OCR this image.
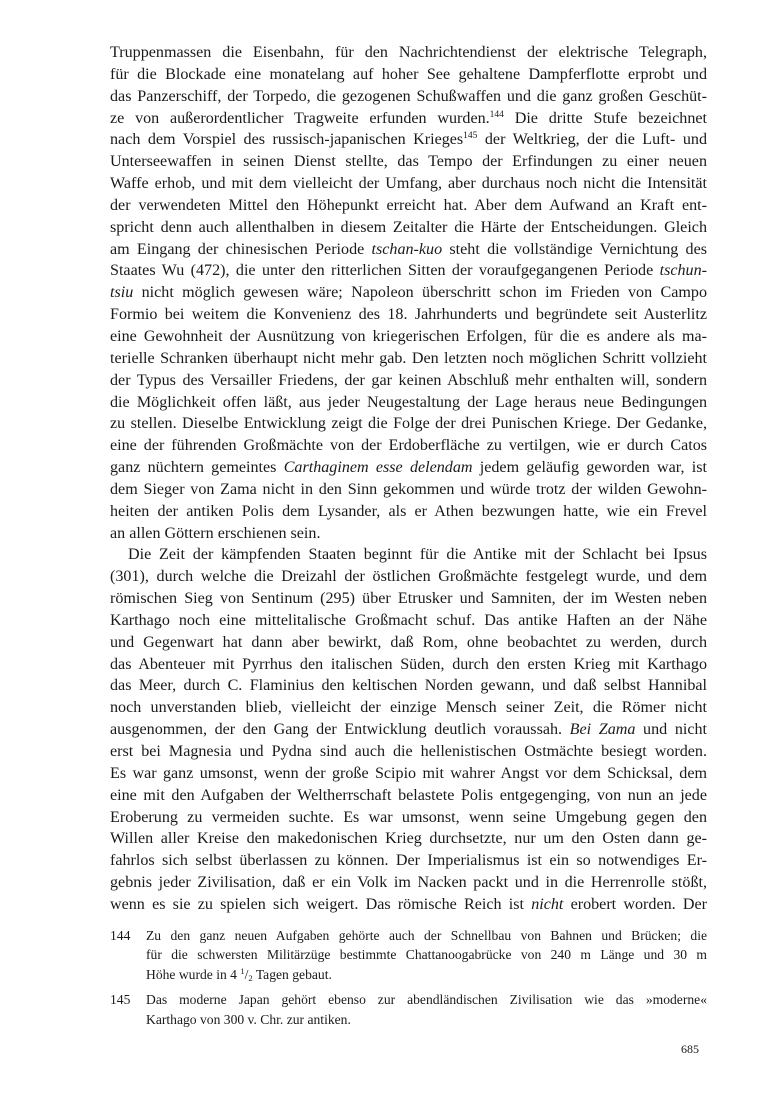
Truppenmassen die Eisenbahn, für den Nachrichtendienst der elektrische Telegraph,
für die Blockade eine monatelang auf hoher See gehaltene Dampferflotte erprobt und
das Panzerschiff, der Torpedo, die gezogenen Schußwaffen und die ganz großen Geschüt-
ze von außerordentlicher Tragweite erfunden wurden.$^{144}$ Die dritte Stufe bezeichnet
nach dem Vorspiel des russisch-japanischen Krieges$^{145}$ der Weltkrieg, der die Luft- und
Unterseewaffen in seinen Dienst stellte, das Tempo der Erfindungen zu einer neuen
Waffe erhob, und mit dem vielleicht der Umfang, aber durchaus noch nicht die Intensität
der verwendeten Mittel den Höhepunkt erreicht hat. Aber dem Aufwand an Kraft ent-
spricht denn auch allenthalben in diesem Zeitalter die Härte der Entscheidungen. Gleich
am Eingang der chinesischen Periode tschan-kuo steht die vollständige Vernichtung des
Staates Wu (472), die unter den ritterlichen Sitten der voraufgegangenen Periode tschun-
tsiu nicht möglich gewesen wäre; Napoleon überschritt schon im Frieden von Campo
Formio bei weitem die Konvenienz des 18. Jahrhunderts und begründete seit Austerlitz
eine Gewohnheit der Ausnützung von kriegerischen Erfolgen, für die es andere als ma-
terielle Schranken überhaupt nicht mehr gab. Den letzten noch möglichen Schritt vollzieht
der Typus des Versailler Friedens, der gar keinen Abschluß mehr enthalten will, sondern
die Möglichkeit offen läßt, aus jeder Neugestaltung der Lage heraus neue Bedingungen
zu stellen. Dieselbe Entwicklung zeigt die Folge der drei Punischen Kriege. Der Gedanke,
eine der führenden Großmächte von der Erdoberfläche zu vertilgen, wie er durch Catos
ganz nüchtern gemeintes Carthaginem esse delendam jedem geläufig geworden war, ist
dem Sieger von Zama nicht in den Sinn gekommen und würde trotz der wilden Gewohn-
heiten der antiken Polis dem Lysander, als er Athen bezwungen hatte, wie ein Frevel
an allen Göttern erschienen sein.
Die Zeit der kämpfenden Staaten beginnt für die Antike mit der Schlacht bei Ipsus
(301), durch welche die Dreizahl der östlichen Großmächte festgelegt wurde, und dem
römischen Sieg von Sentinum (295) über Etrusker und Samniten, der im Westen neben
Karthago noch eine mittelitalische Großmacht schuf. Das antike Haften an der Nähe
und Gegenwart hat dann aber bewirkt, daß Rom, ohne beobachtet zu werden, durch
das Abenteuer mit Pyrrhus den italischen Süden, durch den ersten Krieg mit Karthago
das Meer, durch C. Flaminius den keltischen Norden gewann, und daß selbst Hannibal
noch unverstanden blieb, vielleicht der einzige Mensch seiner Zeit, die Römer nicht
ausgenommen, der den Gang der Entwicklung deutlich voraussah. Bei Zama und nicht
erst bei Magnesia und Pydna sind auch die hellenistischen Ostmächte besiegt worden.
Es war ganz umsonst, wenn der große Scipio mit wahrer Angst vor dem Schicksal, dem
eine mit den Aufgaben der Weltherrschaft belastete Polis entgegenging, von nun an jede
Eroberung zu vermeiden suchte. Es war umsonst, wenn seine Umgebung gegen den
Willen aller Kreise den makedonischen Krieg durchsetzte, nur um den Osten dann ge-
fahrlos sich selbst überlassen zu können. Der Imperialismus ist ein so notwendiges Er-
gebnis jeder Zivilisation, daß er ein Volk im Nacken packt und in die Herrenrolle stößt,
wenn es sie zu spielen sich weigert. Das römische Reich ist nicht erobert worden. Der
144 Zu den ganz neuen Aufgaben gehörte auch der Schnellbau von Bahnen und Brücken; die
für die schwersten Militärzüge bestimmte Chattanoogabrücke von 240 m Länge und 30 m
Höhe wurde in 4 $^1/_2$ Tagen gebaut.
145 Das moderne Japan gehört ebenso zur abendländischen Zivilisation wie das »moderne«
Karthago von 300 v. Chr. zur antiken.
685
